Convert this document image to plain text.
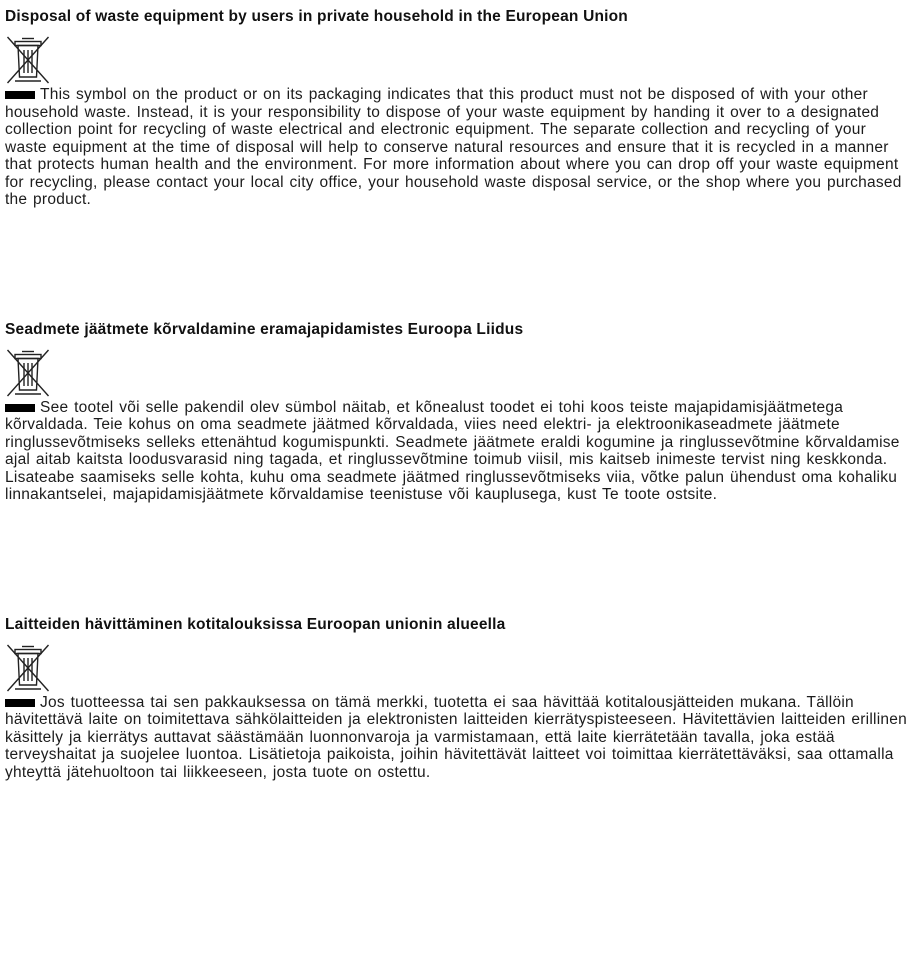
Disposal of waste equipment by users in private household in the European Union

This symbol on the product or on its packaging indicates that this product must not be disposed of with your other household waste. Instead, it is your responsibility to dispose of your waste equipment by handing it over to a designated collection point for recycling of waste electrical and electronic equipment. The separate collection and recycling of your waste equipment at the time of disposal will help to conserve natural resources and ensure that it is recycled in a manner that protects human health and the environment. For more information about where you can drop off your waste equipment for recycling, please contact your local city office, your household waste disposal service, or the shop where you purchased the product.

Seadmete jäätmete kõrvaldamine eramajapidamistes Euroopa Liidus

See tootel või selle pakendil olev sümbol näitab, et kõnealust toodet ei tohi koos teiste majapidamisjäätmetega kõrvaldada. Teie kohus on oma seadmete jäätmed kõrvaldada, viies need elektri- ja elektroonikaseadmete jäätmete ringlussevõtmiseks selleks ettenähtud kogumispunkti. Seadmete jäätmete eraldi kogumine ja ringlussevõtmine kõrvaldamise ajal aitab kaitsta loodusvarasid ning tagada, et ringlussevõtmine toimub viisil, mis kaitseb inimeste tervist ning keskkonda. Lisateabe saamiseks selle kohta, kuhu oma seadmete jäätmed ringlussevõtmiseks viia, võtke palun ühendust oma kohaliku linnakantselei, majapidamisjäätmete kõrvaldamise teenistuse või kauplusega, kust Te toote ostsite.

Laitteiden hävittäminen kotitalouksissa Euroopan unionin alueella

Jos tuotteessa tai sen pakkauksessa on tämä merkki, tuotetta ei saa hävittää kotitalousjätteiden mukana. Tällöin hävitettävä laite on toimitettava sähkölaitteiden ja elektronisten laitteiden kierrätyspisteeseen. Hävitettävien laitteiden erillinen käsittely ja kierrätys auttavat säästämään luonnonvaroja ja varmistamaan, että laite kierrätetään tavalla, joka estää terveyshaitat ja suojelee luontoa. Lisätietoja paikoista, joihin hävitettävät laitteet voi toimittaa kierrätettäväksi, saa ottamalla yhteyttä jätehuoltoon tai liikkeeseen, josta tuote on ostettu.
